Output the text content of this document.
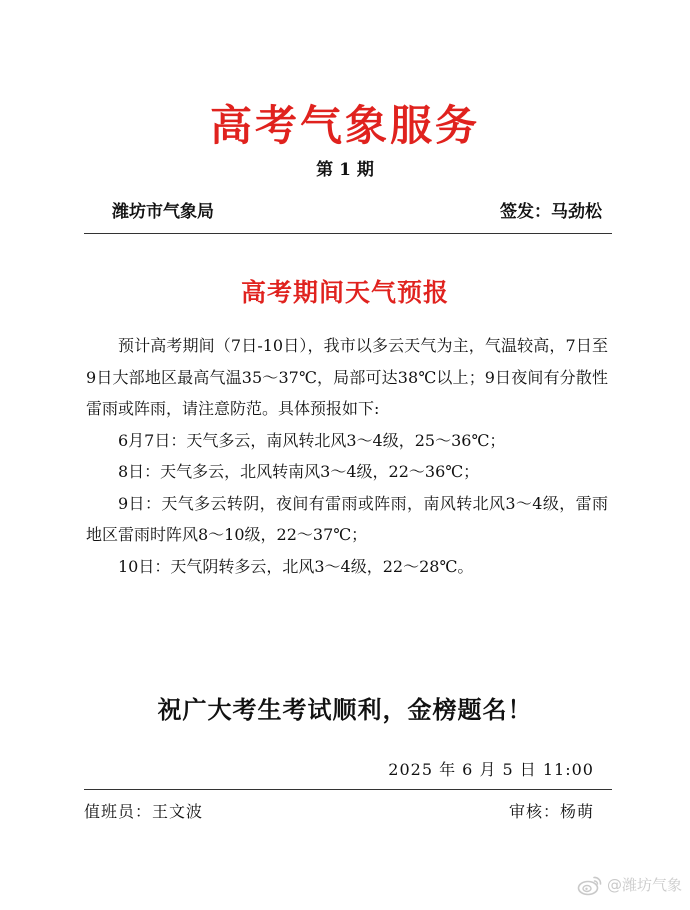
高考气象服务
第 1 期
潍坊市气象局	签发：马劲松
高考期间天气预报

预计高考期间（7日-10日），我市以多云天气为主，气温较高，7日至9日大部地区最高气温35～37℃，局部可达38℃以上；9日夜间有分散性雷雨或阵雨，请注意防范。具体预报如下:

6月7日：天气多云，南风转北风3～4级，25～36℃；

8日：天气多云，北风转南风3～4级，22～36℃；

9日：天气多云转阴，夜间有雷雨或阵雨，南风转北风3～4级，雷雨地区雷雨时阵风8～10级，22～37℃；

10日：天气阴转多云，北风3～4级，22～28℃。

祝广大考生考试顺利，金榜题名！
2025 年 6 月 5 日 11:00
值班员：王文波	审核：杨萌
@潍坊气象
